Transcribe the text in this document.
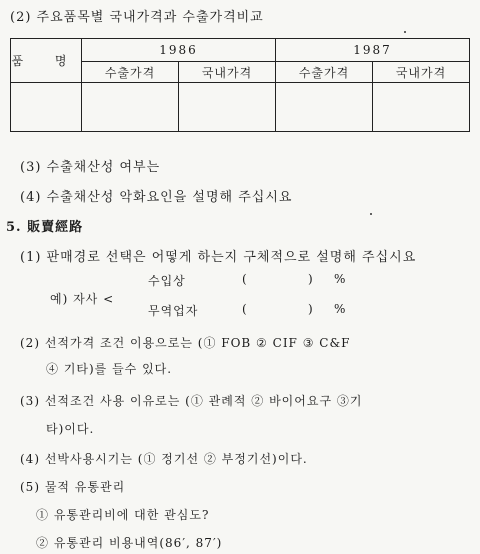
(2) 주요품목별 국내가격과 수출가격비교
품 명	1986		1987	
	수출가격	국내가격	수출가격	국내가격

(3) 수출채산성 여부는
(4) 수출채산성 악화요인을 설명해 주십시요
5. 販賣經路
(1) 판매경로 선택은 어떻게 하는지 구체적으로 설명해 주십시요
예) 자사 <
수입상	(	) %
무역업자	(	) %
(2) 선적가격 조건 이용으로는 (① FOB ② CIF ③ C&F
④ 기타)를 들수 있다.
(3) 선적조건 사용 이유로는 (① 관례적 ② 바이어요구 ③기
타)이다.
(4) 선박사용시기는 (① 정기선 ② 부정기선)이다.
(5) 물적 유통관리
① 유통관리비에 대한 관심도?
② 유통관리 비용내역(86′, 87′)
